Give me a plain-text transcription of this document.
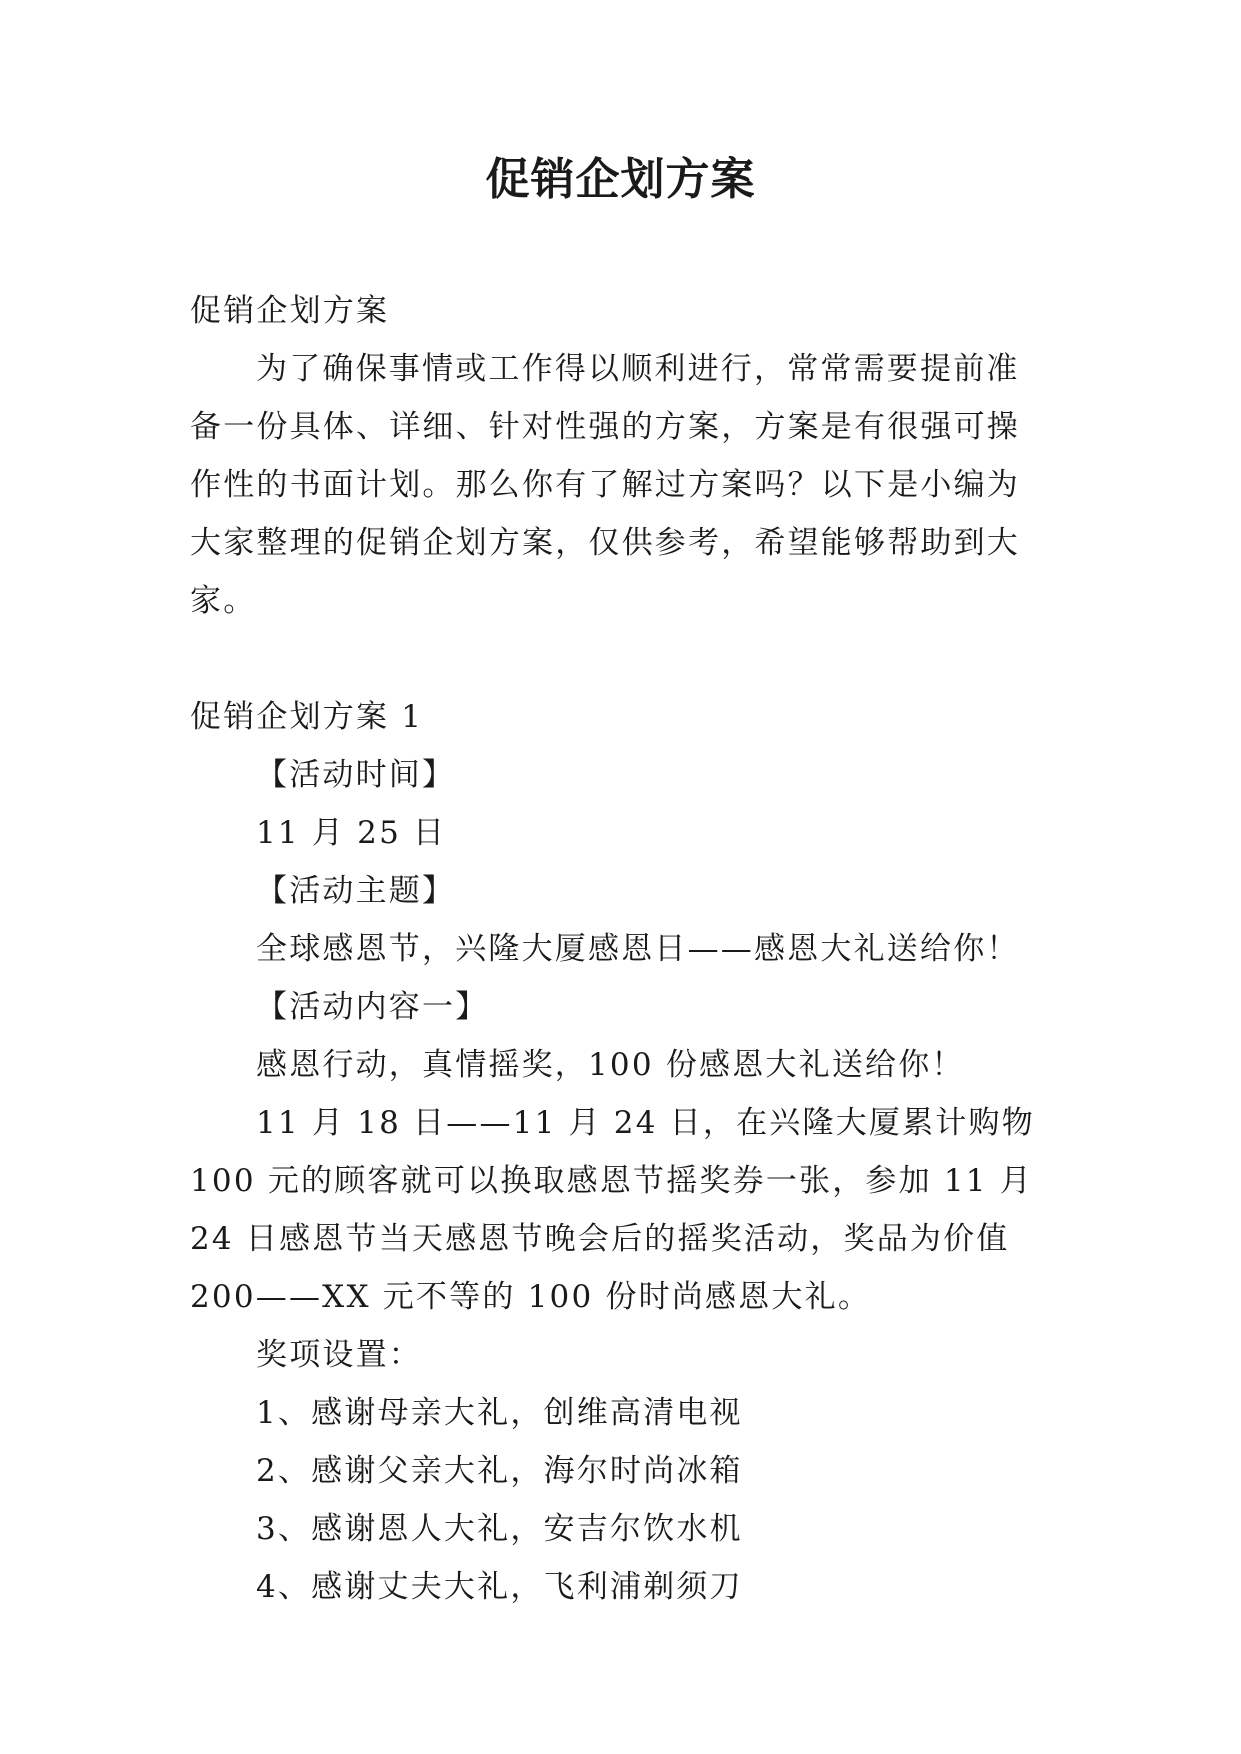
促销企划方案

促销企划方案

为了确保事情或工作得以顺利进行，常常需要提前准备一份具体、详细、针对性强的方案，方案是有很强可操作性的书面计划。那么你有了解过方案吗？以下是小编为大家整理的促销企划方案，仅供参考，希望能够帮助到大家。

促销企划方案 1

【活动时间】

11 月 25 日

【活动主题】

全球感恩节，兴隆大厦感恩日——感恩大礼送给你！

【活动内容一】

感恩行动，真情摇奖，100 份感恩大礼送给你！

11 月 18 日——11 月 24 日，在兴隆大厦累计购物 100 元的顾客就可以换取感恩节摇奖券一张，参加 11 月 24 日感恩节当天感恩节晚会后的摇奖活动，奖品为价值 200——XX 元不等的 100 份时尚感恩大礼。

奖项设置：

1、感谢母亲大礼，创维高清电视

2、感谢父亲大礼，海尔时尚冰箱

3、感谢恩人大礼，安吉尔饮水机

4、感谢丈夫大礼，飞利浦剃须刀
